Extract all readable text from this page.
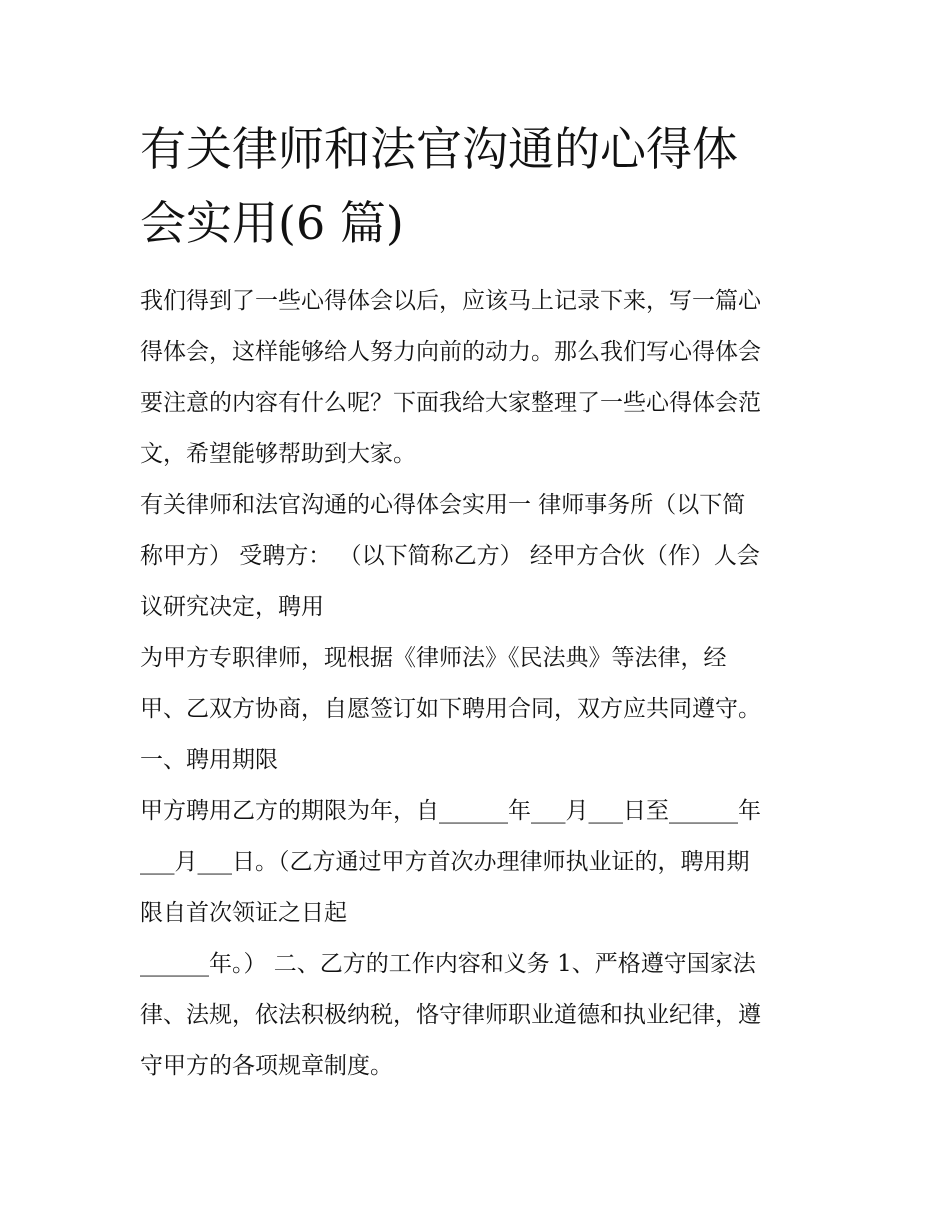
有关律师和法官沟通的心得体
会实用(6 篇)
我们得到了一些心得体会以后，应该马上记录下来，写一篇心
得体会，这样能够给人努力向前的动力。那么我们写心得体会
要注意的内容有什么呢？下面我给大家整理了一些心得体会范
文，希望能够帮助到大家。
有关律师和法官沟通的心得体会实用一 律师事务所（以下简
称甲方） 受聘方： （以下简称乙方） 经甲方合伙（作）人会
议研究决定，聘用
为甲方专职律师，现根据《律师法》《民法典》等法律，经
甲、乙双方协商，自愿签订如下聘用合同，双方应共同遵守。
一、聘用期限
甲方聘用乙方的期限为年，自______年___月___日至______年
___月___日。（乙方通过甲方首次办理律师执业证的，聘用期
限自首次领证之日起
______年。） 二、乙方的工作内容和义务 1、严格遵守国家法
律、法规，依法积极纳税，恪守律师职业道德和执业纪律，遵
守甲方的各项规章制度。
